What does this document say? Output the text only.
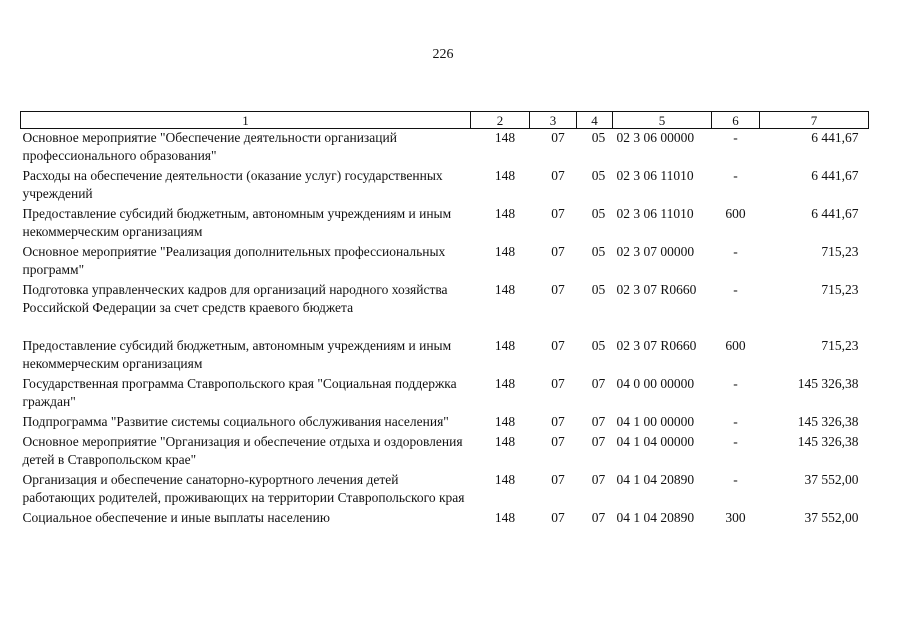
226
1	2	3	4	5	6	7
Основное мероприятие "Обеспечение деятельности организаций профессионального образования"	148	07	05	02 3 06 00000	-	6 441,67
Расходы на обеспечение деятельности (оказание услуг) государственных учреждений	148	07	05	02 3 06 11010	-	6 441,67
Предоставление субсидий бюджетным, автономным учреждениям и иным некоммерческим организациям	148	07	05	02 3 06 11010	600	6 441,67
Основное мероприятие "Реализация дополнительных профессиональных программ"	148	07	05	02 3 07 00000	-	715,23
Подготовка управленческих кадров для организаций народного хозяйства Российской Федерации за счет средств краевого бюджета	148	07	05	02 3 07 R0660	-	715,23
Предоставление субсидий бюджетным, автономным учреждениям и иным некоммерческим организациям	148	07	05	02 3 07 R0660	600	715,23
Государственная программа Ставропольского края "Социальная поддержка граждан"	148	07	07	04 0 00 00000	-	145 326,38
Подпрограмма "Развитие системы социального обслуживания населения"	148	07	07	04 1 00 00000	-	145 326,38
Основное мероприятие "Организация и обеспечение отдыха и оздоровления детей в Ставропольском крае"	148	07	07	04 1 04 00000	-	145 326,38
Организация и обеспечение санаторно-курортного лечения детей работающих родителей, проживающих на территории Ставропольского края	148	07	07	04 1 04 20890	-	37 552,00
Социальное обеспечение и иные выплаты населению	148	07	07	04 1 04 20890	300	37 552,00
